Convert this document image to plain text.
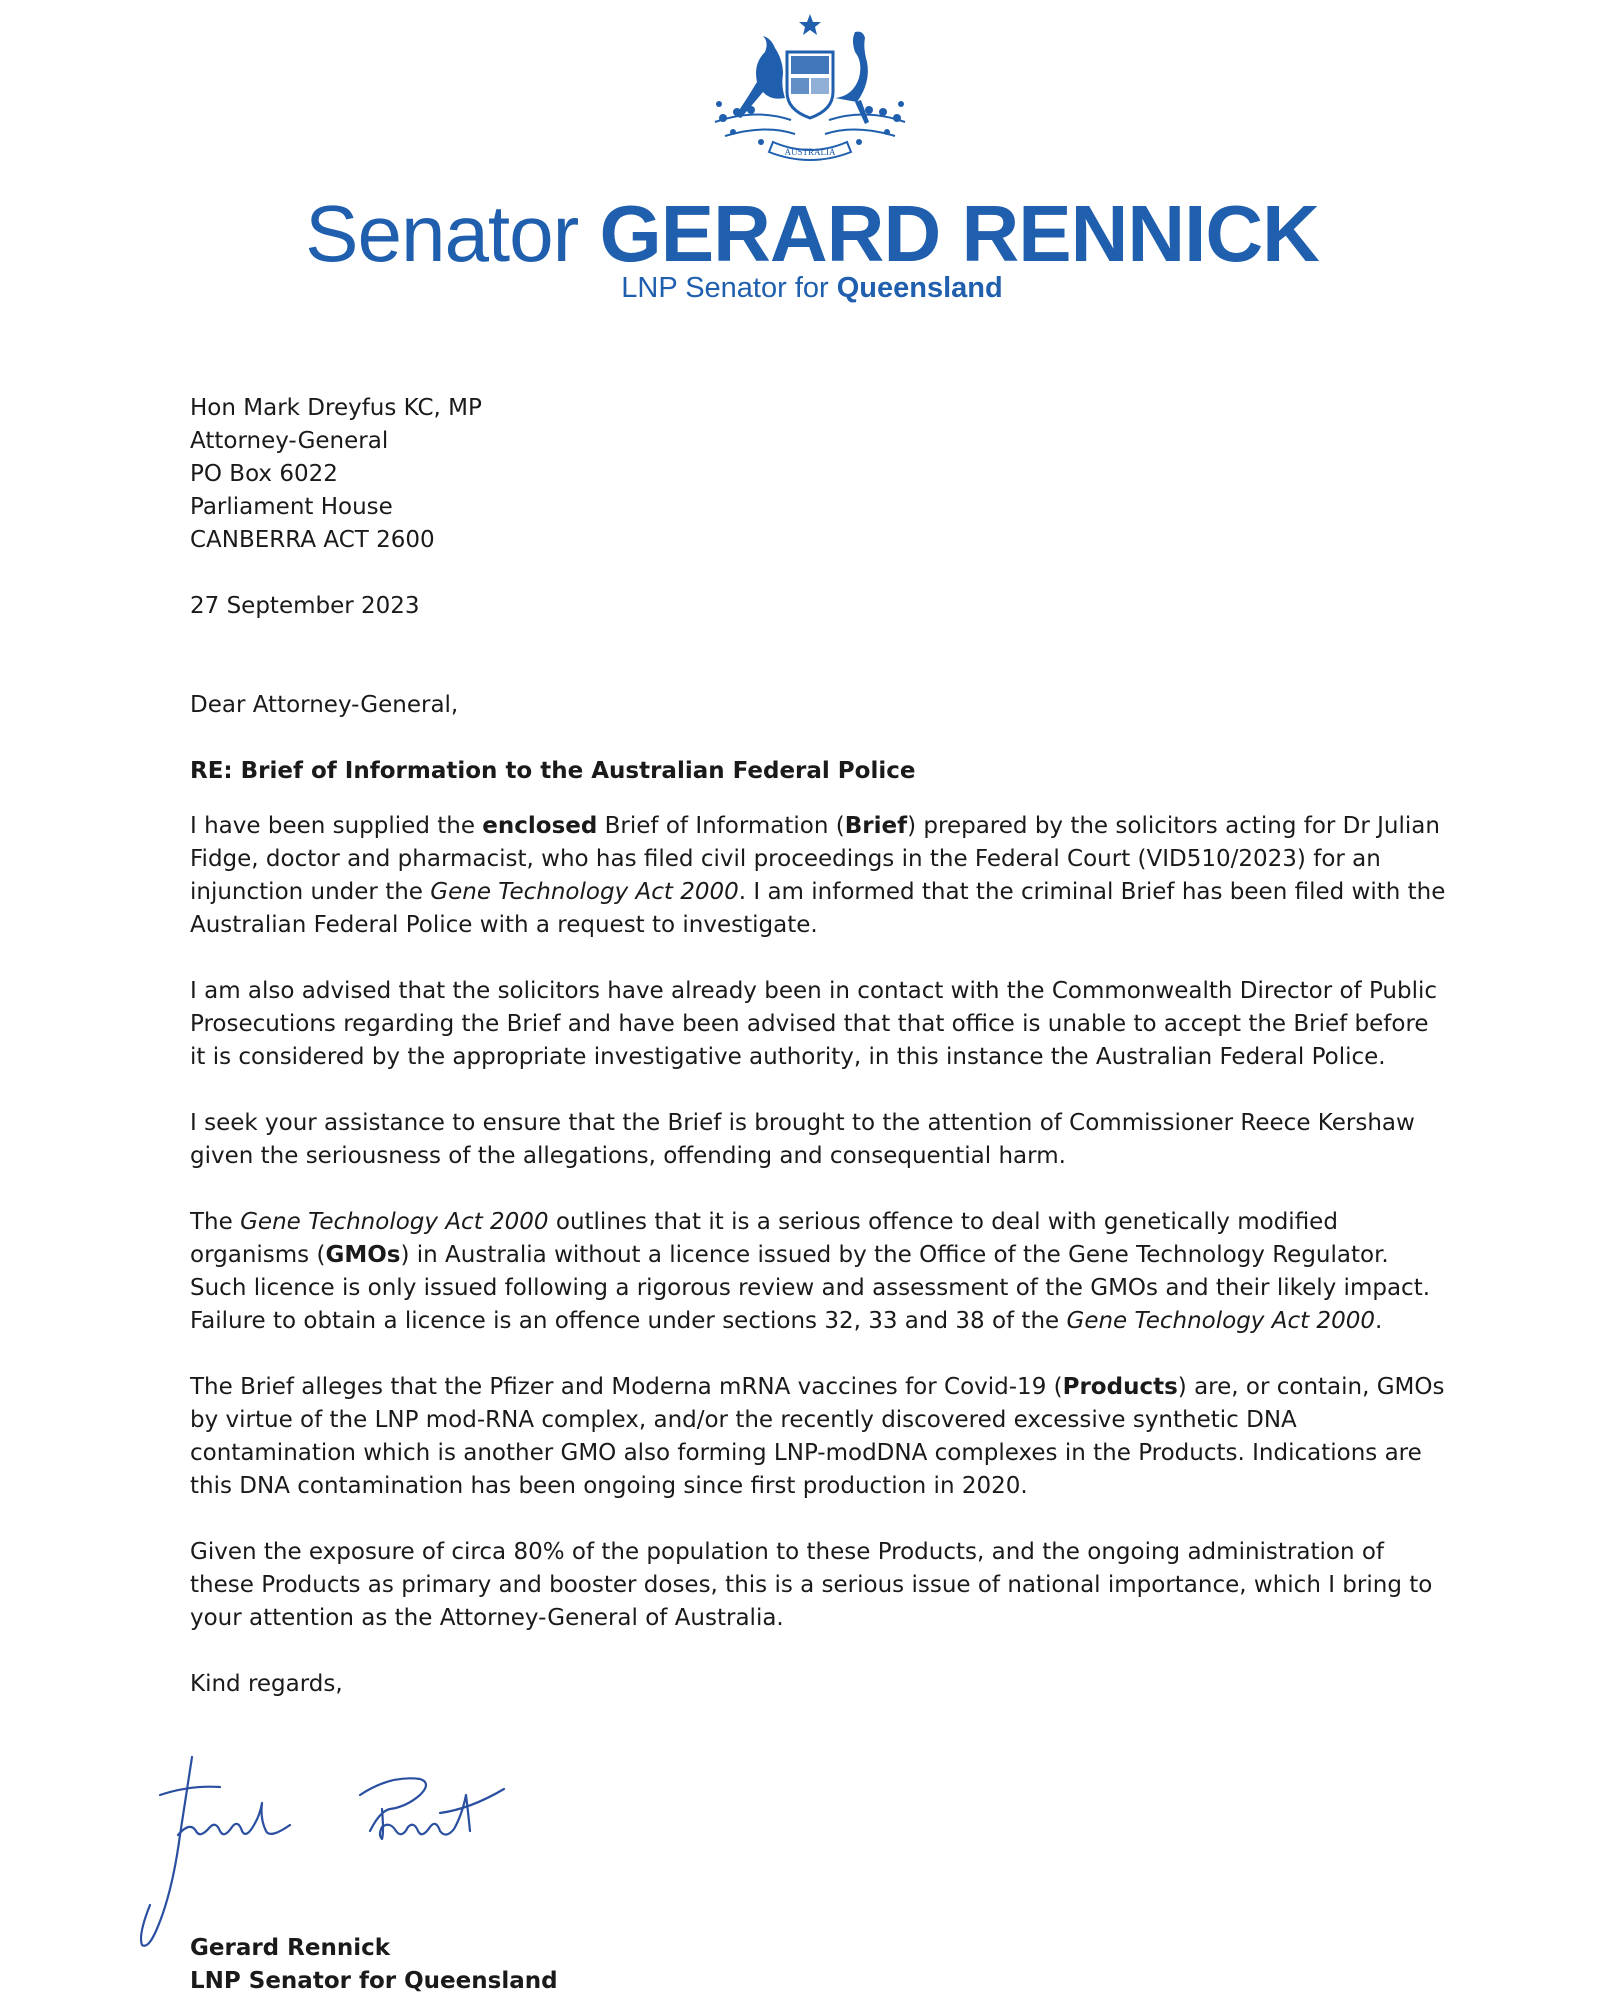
AUSTRALIA
Senator GERARD RENNICK
LNP Senator for Queensland

Hon Mark Dreyfus KC, MP

Attorney-General

PO Box 6022

Parliament House

CANBERRA ACT 2600

27 September 2023

Dear Attorney-General,

RE: Brief of Information to the Australian Federal Police

I have been supplied the enclosed Brief of Information (Brief) prepared by the solicitors acting for Dr Julian Fidge, doctor and pharmacist, who has filed civil proceedings in the Federal Court (VID510/2023) for an injunction under the Gene Technology Act 2000. I am informed that the criminal Brief has been filed with the Australian Federal Police with a request to investigate.

I am also advised that the solicitors have already been in contact with the Commonwealth Director of Public Prosecutions regarding the Brief and have been advised that that office is unable to accept the Brief before it is considered by the appropriate investigative authority, in this instance the Australian Federal Police.

I seek your assistance to ensure that the Brief is brought to the attention of Commissioner Reece Kershaw given the seriousness of the allegations, offending and consequential harm.

The Gene Technology Act 2000 outlines that it is a serious offence to deal with genetically modified organisms (GMOs) in Australia without a licence issued by the Office of the Gene Technology Regulator. Such licence is only issued following a rigorous review and assessment of the GMOs and their likely impact. Failure to obtain a licence is an offence under sections 32, 33 and 38 of the Gene Technology Act 2000.

The Brief alleges that the Pfizer and Moderna mRNA vaccines for Covid-19 (Products) are, or contain, GMOs by virtue of the LNP mod-RNA complex, and/or the recently discovered excessive synthetic DNA contamination which is another GMO also forming LNP-modDNA complexes in the Products. Indications are this DNA contamination has been ongoing since first production in 2020.

Given the exposure of circa 80% of the population to these Products, and the ongoing administration of these Products as primary and booster doses, this is a serious issue of national importance, which I bring to your attention as the Attorney-General of Australia.

Kind regards,

Gerard Rennick

LNP Senator for Queensland
